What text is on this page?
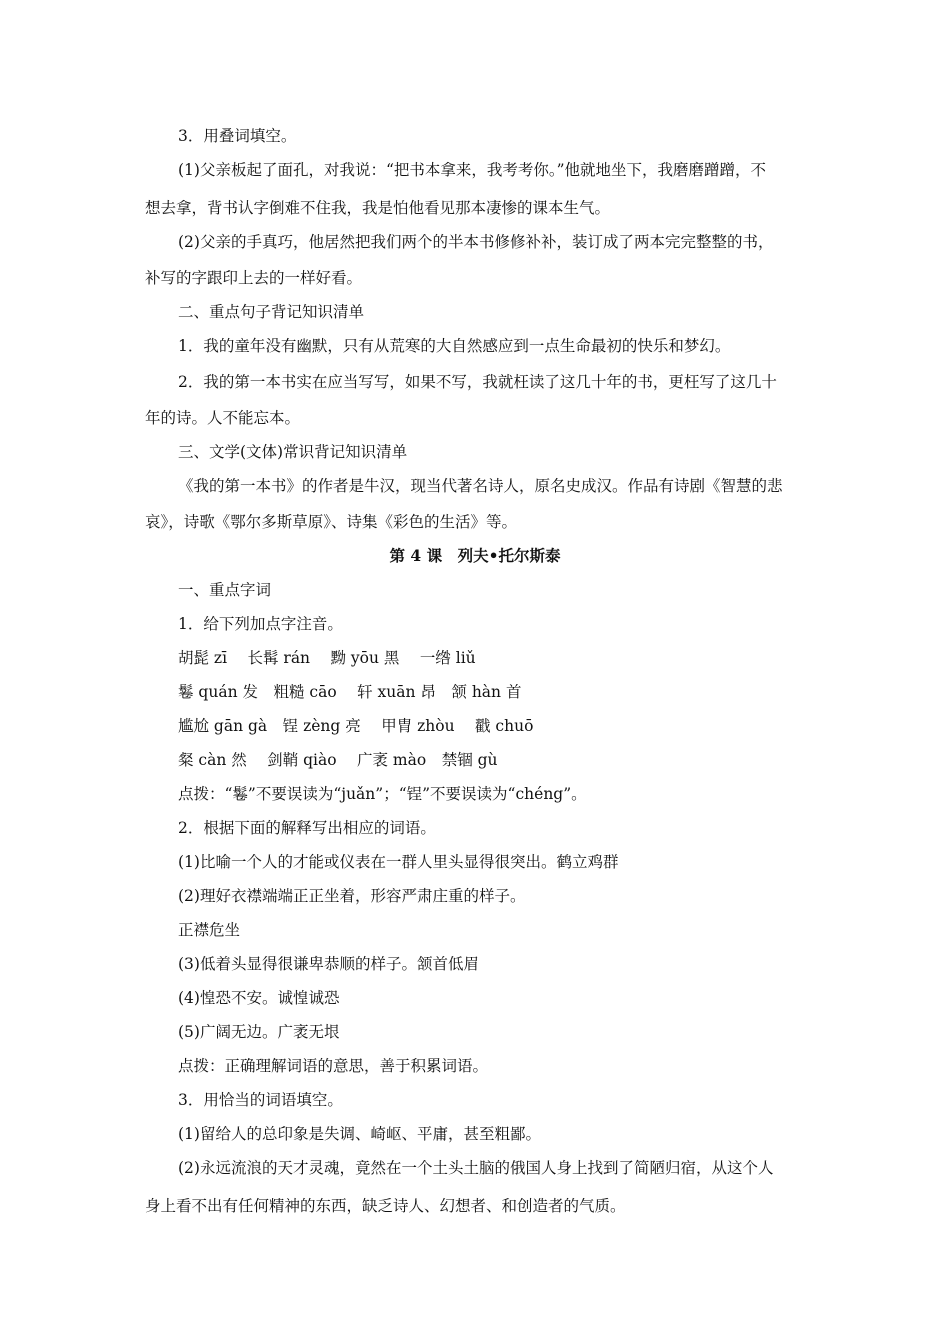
3．用叠词填空。
(1)父亲板起了面孔，对我说：“把书本拿来，我考考你。”他就地坐下，我磨磨蹭蹭，不
想去拿，背书认字倒难不住我，我是怕他看见那本凄惨的课本生气。
(2)父亲的手真巧，他居然把我们两个的半本书修修补补，装订成了两本完完整整的书，
补写的字跟印上去的一样好看。
二、重点句子背记知识清单
1．我的童年没有幽默，只有从荒寒的大自然感应到一点生命最初的快乐和梦幻。
2．我的第一本书实在应当写写，如果不写，我就枉读了这几十年的书，更枉写了这几十
年的诗。人不能忘本。
三、文学(文体)常识背记知识清单
《我的第一本书》的作者是牛汉，现当代著名诗人，原名史成汉。作品有诗剧《智慧的悲
哀》，诗歌《鄂尔多斯草原》、诗集《彩色的生活》等。
第 4 课　列夫•托尔斯泰
一、重点字词
1．给下列加点字注音。
胡髭 zī　 长髯 rán　 黝 yōu 黑　 一绺 liǔ
鬈 quán 发　粗糙 cāo　 轩 xuān 昂　颔 hàn 首
尴尬 gān gà　锃 zèng 亮　 甲胄 zhòu　 戳 chuō
粲 càn 然　 剑鞘 qiào　 广袤 mào　禁锢 gù
点拨：“鬈”不要误读为“juǎn”；“锃”不要误读为“chéng”。
2．根据下面的解释写出相应的词语。
(1)比喻一个人的才能或仪表在一群人里头显得很突出。鹤立鸡群
(2)理好衣襟端端正正坐着，形容严肃庄重的样子。
正襟危坐
(3)低着头显得很谦卑恭顺的样子。颔首低眉
(4)惶恐不安。诚惶诚恐
(5)广阔无边。广袤无垠
点拨：正确理解词语的意思，善于积累词语。
3．用恰当的词语填空。
(1)留给人的总印象是失调、崎岖、平庸，甚至粗鄙。
(2)永远流浪的天才灵魂，竟然在一个土头土脑的俄国人身上找到了简陋归宿，从这个人
身上看不出有任何精神的东西，缺乏诗人、幻想者、和创造者的气质。
